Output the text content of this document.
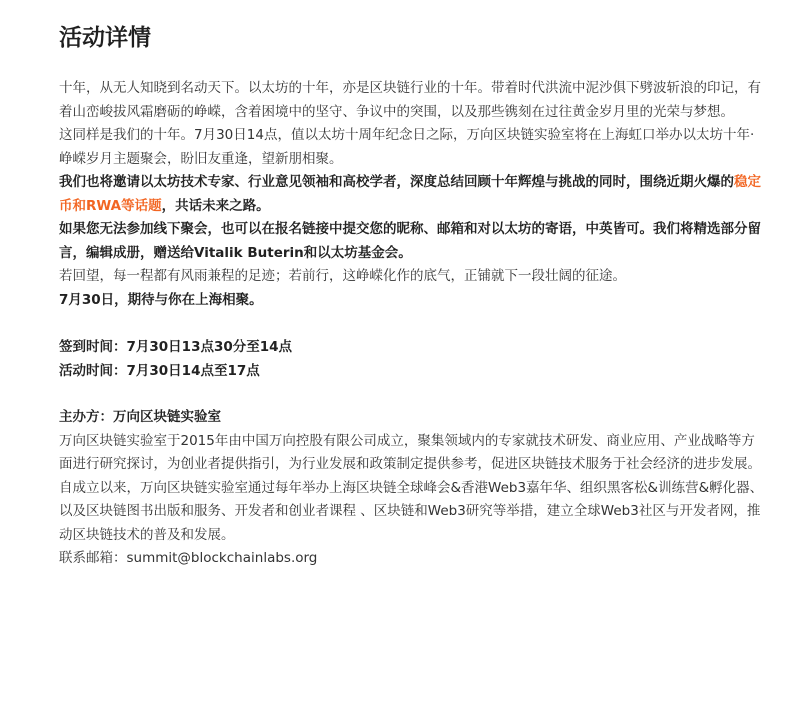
活动详情

十年，从无人知晓到名动天下。以太坊的十年，亦是区块链行业的十年。带着时代洪流中泥沙俱下劈波斩浪的印记，有着山峦峻拔风霜磨砺的峥嵘，含着困境中的坚守、争议中的突围，以及那些镌刻在过往黄金岁月里的光荣与梦想。

这同样是我们的十年。7月30日14点，值以太坊十周年纪念日之际，万向区块链实验室将在上海虹口举办以太坊十年·峥嵘岁月主题聚会，盼旧友重逢，望新朋相聚。

我们也将邀请以太坊技术专家、行业意见领袖和高校学者，深度总结回顾十年辉煌与挑战的同时，围绕近期火爆的稳定币和RWA等话题，共话未来之路。

如果您无法参加线下聚会，也可以在报名链接中提交您的昵称、邮箱和对以太坊的寄语，中英皆可。我们将精选部分留言，编辑成册，赠送给Vitalik Buterin和以太坊基金会。

若回望，每一程都有风雨兼程的足迹；若前行，这峥嵘化作的底气，正铺就下一段壮阔的征途。

7月30日，期待与你在上海相聚。

签到时间：7月30日13点30分至14点

活动时间：7月30日14点至17点

主办方：万向区块链实验室

万向区块链实验室于2015年由中国万向控股有限公司成立，聚集领域内的专家就技术研发、商业应用、产业战略等方面进行研究探讨，为创业者提供指引，为行业发展和政策制定提供参考，促进区块链技术服务于社会经济的进步发展。 自成立以来，万向区块链实验室通过每年举办上海区块链全球峰会&香港Web3嘉年华、组织黑客松&训练营&孵化器、以及区块链图书出版和服务、开发者和创业者课程 、区块链和Web3研究等举措，建立全球Web3社区与开发者网，推动区块链技术的普及和发展。

联系邮箱：summit@blockchainlabs.org
